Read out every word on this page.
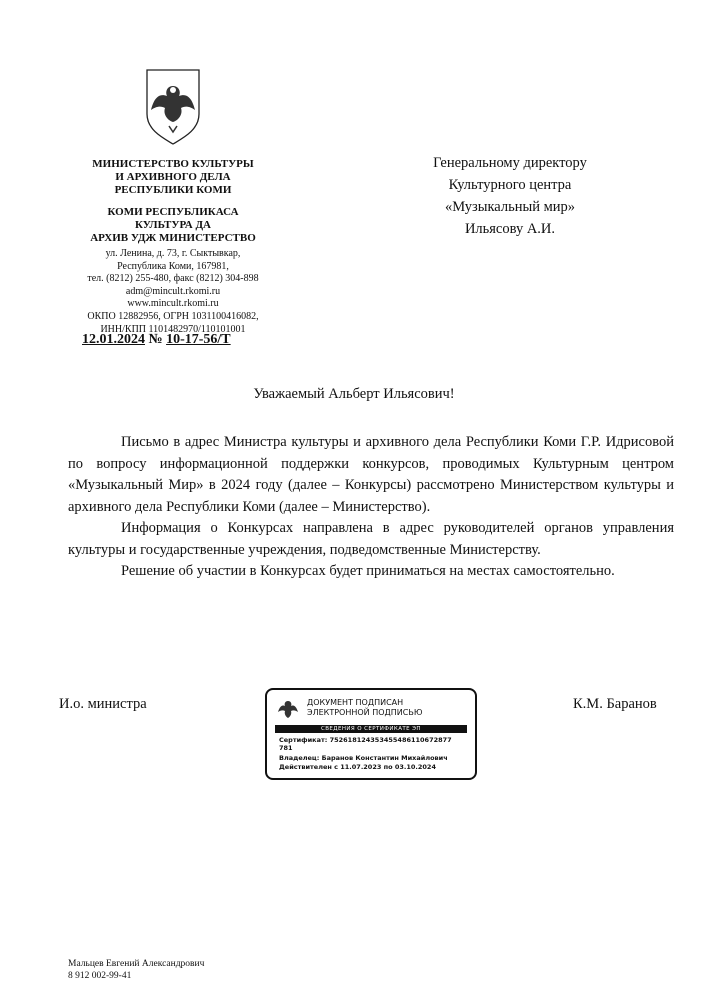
МИНИСТЕРСТВО КУЛЬТУРЫ
И АРХИВНОГО ДЕЛА
РЕСПУБЛИКИ КОМИ
КОМИ РЕСПУБЛИКАСА
КУЛЬТУРА ДА
АРХИВ УДЖ МИНИСТЕРСТВО
ул. Ленина, д. 73, г. Сыктывкар,
Республика Коми, 167981,
тел. (8212) 255-480, факс (8212) 304-898
adm@mincult.rkomi.ru
www.mincult.rkomi.ru
ОКПО 12882956, ОГРН 1031100416082,
ИНН/КПП 1101482970/110101001
12.01.2024 № 10-17-56/Т
Генеральному директору
Культурного центра
«Музыкальный мир»
Ильясову А.И.
Уважаемый Альберт Ильясович!

Письмо в адрес Министра культуры и архивного дела Республики Коми Г.Р. Идрисовой по вопросу информационной поддержки конкурсов, проводимых Культурным центром «Музыкальный Мир» в 2024 году (далее – Конкурсы) рассмотрено Министерством культуры и архивного дела Республики Коми (далее – Министерство).

Информация о Конкурсах направлена в адрес руководителей органов управления культуры и государственные учреждения, подведомственные Министерству.

Решение об участии в Конкурсах будет приниматься на местах самостоятельно.

И.о. министра	К.М. Баранов
ДОКУМЕНТ ПОДПИСАН
ЭЛЕКТРОННОЙ ПОДПИСЬЮ
СВЕДЕНИЯ О СЕРТИФИКАТЕ ЭП
Сертификат: 752618124353455486110672877
781
Владелец: Баранов Константин Михайлович
Действителен с 11.07.2023 по 03.10.2024
Мальцев Евгений Александрович
8 912 002-99-41
